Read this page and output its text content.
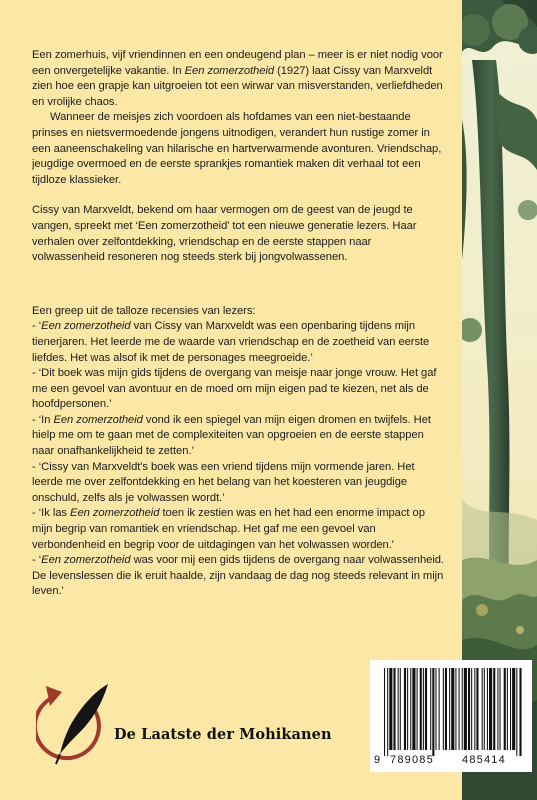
Een zomerhuis, vijf vriendinnen en een ondeugend plan – meer is er niet nodig voor een onvergetelijke vakantie. In Een zomerzotheid (1927) laat Cissy van Marxveldt zien hoe een grapje kan uitgroeien tot een wirwar van misverstanden, verliefdheden en vrolijke chaos.

Wanneer de meisjes zich voordoen als hofdames van een niet-bestaande prinses en nietsvermoedende jongens uitnodigen, verandert hun rustige zomer in een aaneenschakeling van hilarische en hartverwarmende avonturen. Vriendschap, jeugdige overmoed en de eerste sprankjes romantiek maken dit verhaal tot een tijdloze klassieker.

Cissy van Marxveldt, bekend om haar vermogen om de geest van de jeugd te vangen, spreekt met ‘Een zomerzotheid’ tot een nieuwe generatie lezers. Haar verhalen over zelfontdekking, vriendschap en de eerste stappen naar volwassenheid resoneren nog steeds sterk bij jongvolwassenen.

Een greep uit de talloze recensies van lezers:

- ‘Een zomerzotheid van Cissy van Marxveldt was een openbaring tijdens mijn tienerjaren. Het leerde me de waarde van vriendschap en de zoetheid van eerste liefdes. Het was alsof ik met de personages meegroeide.’

- ‘Dit boek was mijn gids tijdens de overgang van meisje naar jonge vrouw. Het gaf me een gevoel van avontuur en de moed om mijn eigen pad te kiezen, net als de hoofdpersonen.’

- ‘In Een zomerzotheid vond ik een spiegel van mijn eigen dromen en twijfels. Het hielp me om te gaan met de complexiteiten van opgroeien en de eerste stappen naar onafhankelijkheid te zetten.’

- ‘Cissy van Marxveldt's boek was een vriend tijdens mijn vormende jaren. Het leerde me over zelfontdekking en het belang van het koesteren van jeugdige onschuld, zelfs als je volwassen wordt.’

- ‘Ik las Een zomerzotheid toen ik zestien was en het had een enorme impact op mijn begrip van romantiek en vriendschap. Het gaf me een gevoel van verbondenheid en begrip voor de uitdagingen van het volwassen worden.'

- ‘Een zomerzotheid was voor mij een gids tijdens de overgang naar volwassenheid. De levenslessen die ik eruit haalde, zijn vandaag de dag nog steeds relevant in mijn leven.'

De Laatste der Mohikanen
9 789085	485414
